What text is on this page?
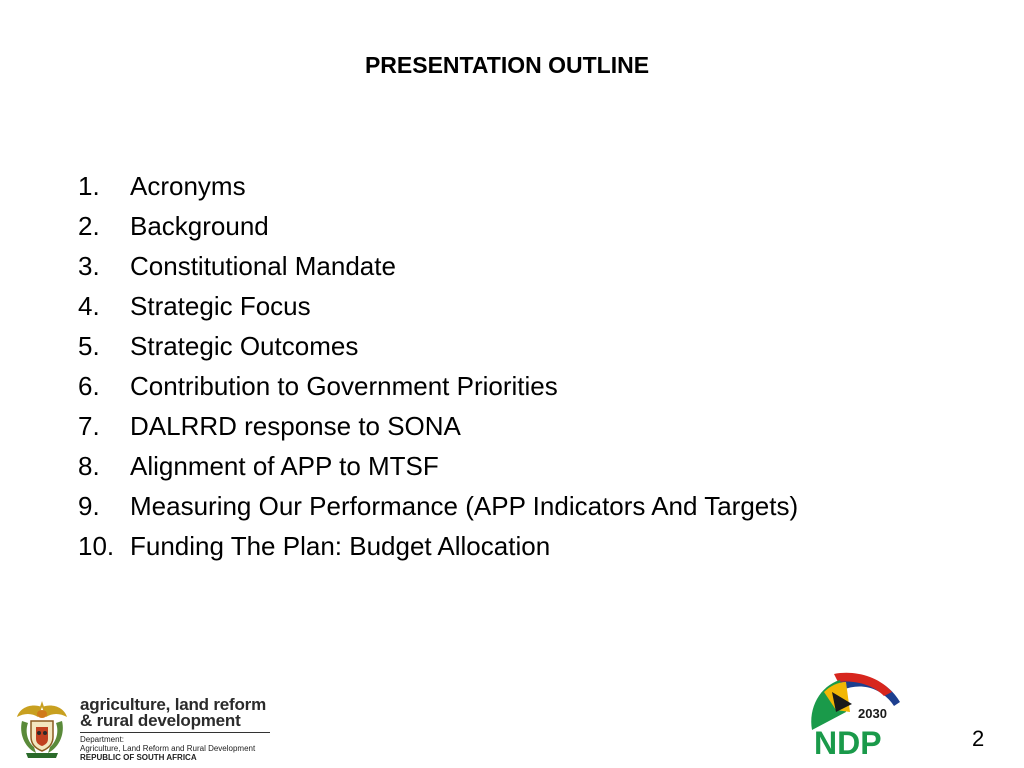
PRESENTATION OUTLINE
1.	Acronyms
2.	Background
3.	Constitutional Mandate
4.	Strategic Focus
5.	Strategic Outcomes
6.	Contribution to Government Priorities
7.	DALRRD response to SONA
8.	Alignment of APP to MTSF
9.	Measuring Our Performance (APP Indicators And Targets)
10. Funding The Plan: Budget Allocation
agriculture, land reform
& rural development
Department:
Agriculture, Land Reform and Rural Development
REPUBLIC OF SOUTH AFRICA
2030
NDP	2
